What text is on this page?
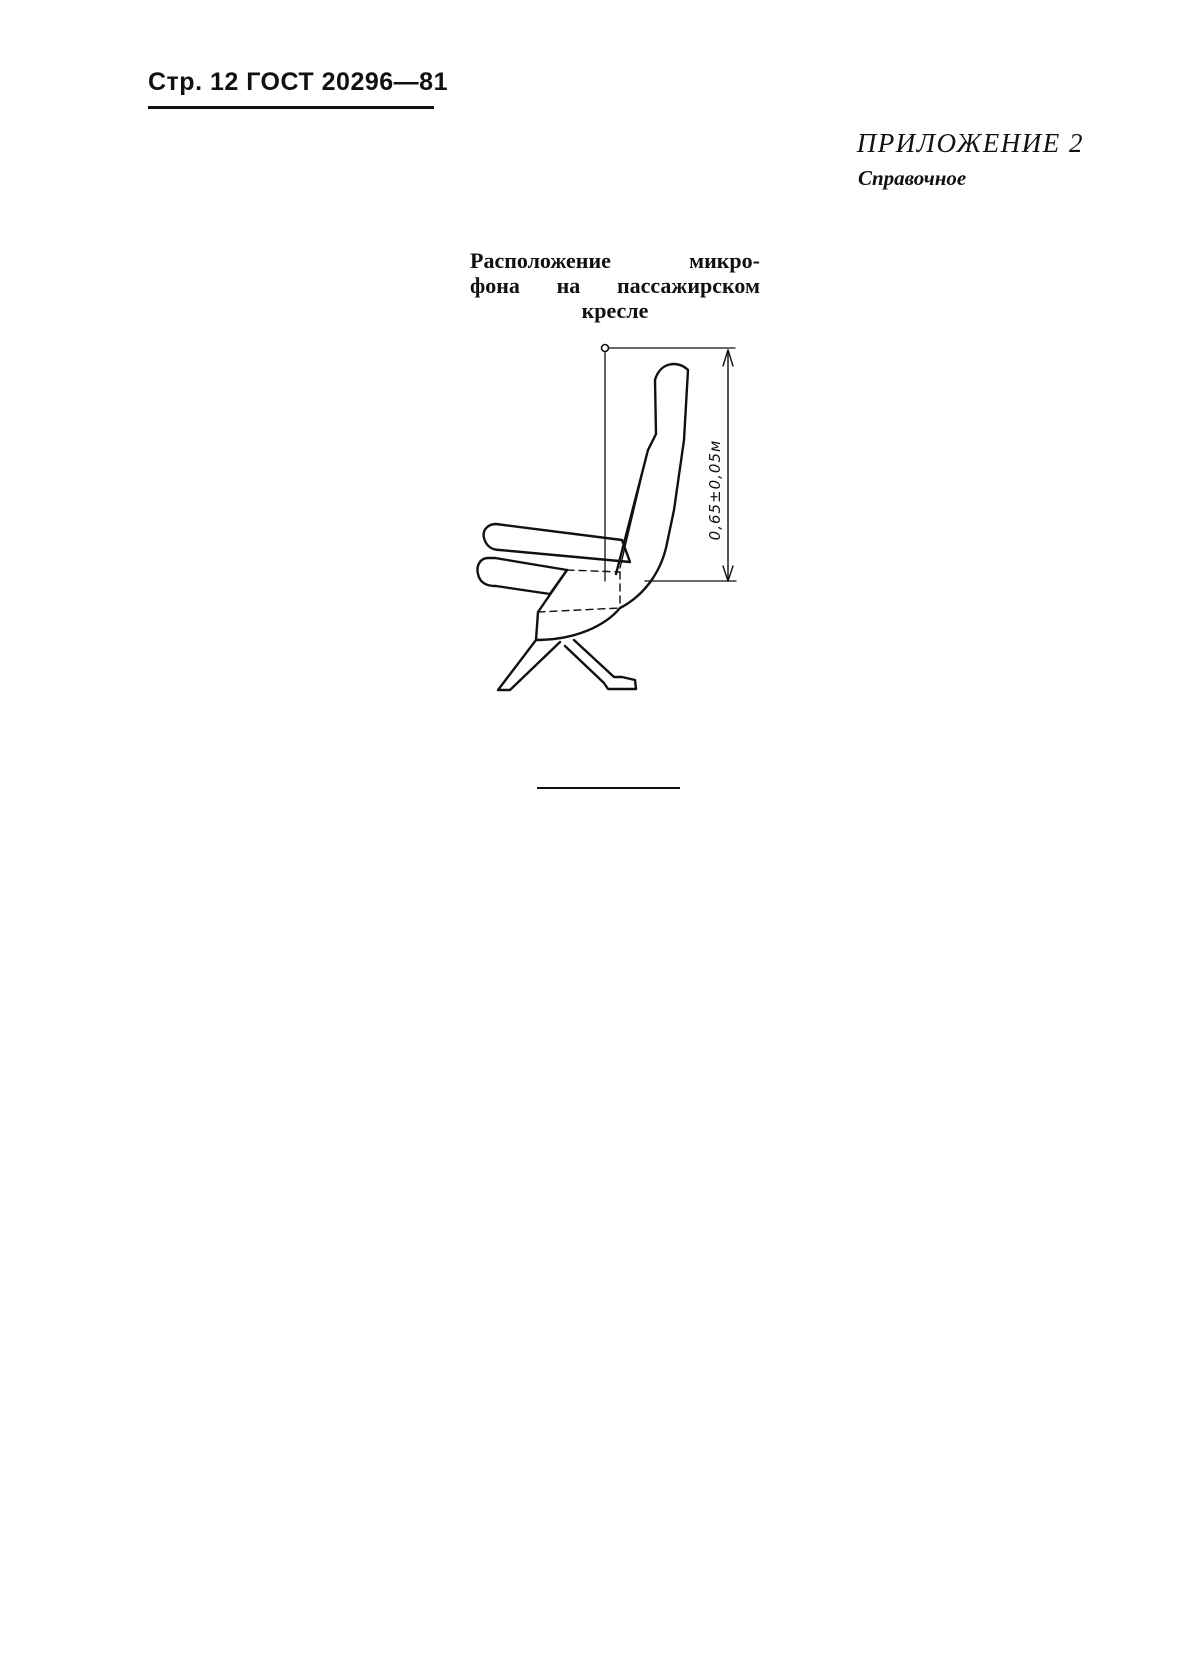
Стр. 12 ГОСТ 20296—81
ПРИЛОЖЕНИЕ 2
Справочное
Расположение	микро-
фона на пассажирском
кресле
0,65±0,05м
